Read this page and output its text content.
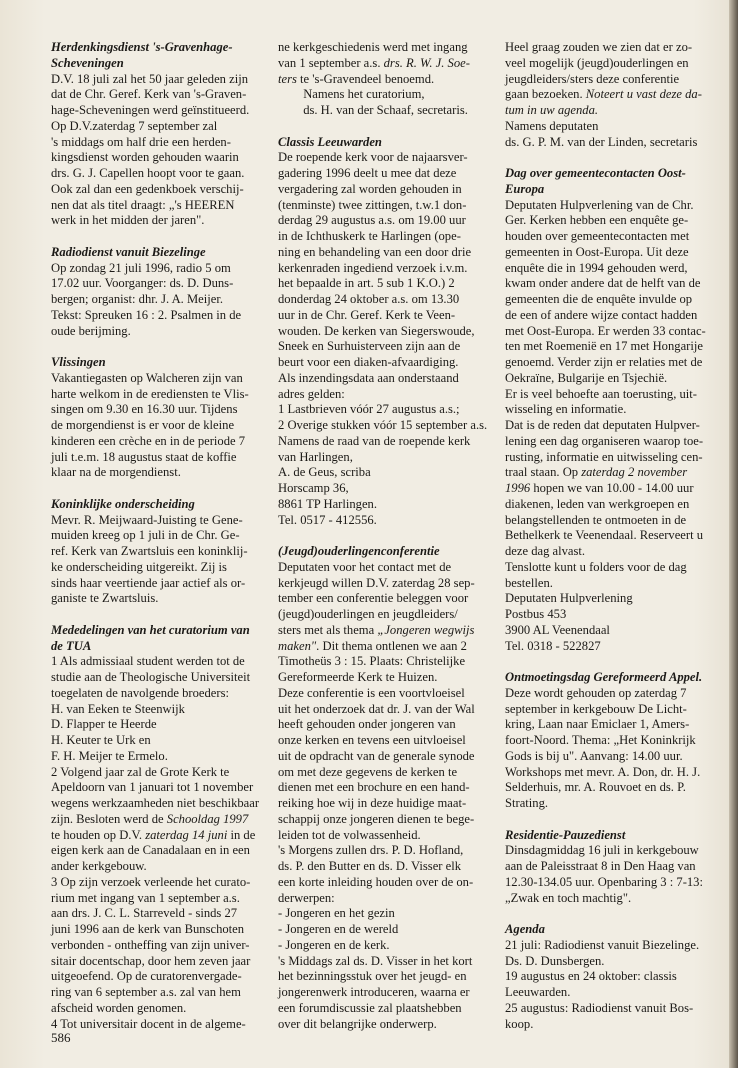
Herdenkingsdienst 's-Gravenhage-
Scheveningen
D.V. 18 juli zal het 50 jaar geleden zijn
dat de Chr. Geref. Kerk van 's-Graven-
hage-Scheveningen werd geïnstitueerd.
Op D.V.zaterdag 7 september zal
's middags om half drie een herden-
kingsdienst worden gehouden waarin
drs. G. J. Capellen hoopt voor te gaan.
Ook zal dan een gedenkboek verschij-
nen dat als titel draagt: „'s HEEREN
werk in het midden der jaren".
Radiodienst vanuit Biezelinge
Op zondag 21 juli 1996, radio 5 om
17.02 uur. Voorganger: ds. D. Duns-
bergen; organist: dhr. J. A. Meijer.
Tekst: Spreuken 16 : 2. Psalmen in de
oude berijming.
Vlissingen
Vakantiegasten op Walcheren zijn van
harte welkom in de erediensten te Vlis-
singen om 9.30 en 16.30 uur. Tijdens
de morgendienst is er voor de kleine
kinderen een crèche en in de periode 7
juli t.e.m. 18 augustus staat de koffie
klaar na de morgendienst.
Koninklijke onderscheiding
Mevr. R. Meijwaard-Juisting te Gene-
muiden kreeg op 1 juli in de Chr. Ge-
ref. Kerk van Zwartsluis een koninklij-
ke onderscheiding uitgereikt. Zij is
sinds haar veertiende jaar actief als or-
ganiste te Zwartsluis.
Mededelingen van het curatorium van
de TUA
1 Als admissiaal student werden tot de
studie aan de Theologische Universiteit
toegelaten de navolgende broeders:
H. van Eeken te Steenwijk
D. Flapper te Heerde
H. Keuter te Urk en
F. H. Meijer te Ermelo.
2 Volgend jaar zal de Grote Kerk te
Apeldoorn van 1 januari tot 1 november
wegens werkzaamheden niet beschikbaar
zijn. Besloten werd de Schooldag 1997
te houden op D.V. zaterdag 14 juni in de
eigen kerk aan de Canadalaan en in een
ander kerkgebouw.
3 Op zijn verzoek verleende het curato-
rium met ingang van 1 september a.s.
aan drs. J. C. L. Starreveld - sinds 27
juni 1996 aan de kerk van Bunschoten
verbonden - ontheffing van zijn univer-
sitair docentschap, door hem zeven jaar
uitgeoefend. Op de curatorenvergade-
ring van 6 september a.s. zal van hem
afscheid worden genomen.
4 Tot universitair docent in de algeme-
ne kerkgeschiedenis werd met ingang
van 1 september a.s. drs. R. W. J. Soe-
ters te 's-Gravendeel benoemd.
  Namens het curatorium,
  ds. H. van der Schaaf, secretaris.
Classis Leeuwarden
De roepende kerk voor de najaarsver-
gadering 1996 deelt u mee dat deze
vergadering zal worden gehouden in
(tenminste) twee zittingen, t.w.1 don-
derdag 29 augustus a.s. om 19.00 uur
in de Ichthuskerk te Harlingen (ope-
ning en behandeling van een door drie
kerkenraden ingediend verzoek i.v.m.
het bepaalde in art. 5 sub 1 K.O.) 2
donderdag 24 oktober a.s. om 13.30
uur in de Chr. Geref. Kerk te Veen-
wouden. De kerken van Siegerswoude,
Sneek en Surhuisterveen zijn aan de
beurt voor een diaken-afvaardiging.
Als inzendingsdata aan onderstaand
adres gelden:
1 Lastbrieven vóór 27 augustus a.s.;
2 Overige stukken vóór 15 september a.s.
Namens de raad van de roepende kerk
van Harlingen,
A. de Geus, scriba
Horscamp 36,
8861 TP Harlingen.
Tel. 0517 - 412556.
(Jeugd)ouderlingenconferentie
Deputaten voor het contact met de
kerkjeugd willen D.V. zaterdag 28 sep-
tember een conferentie beleggen voor
(jeugd)ouderlingen en jeugdleiders/
sters met als thema „Jongeren wegwijs
maken". Dit thema ontlenen we aan 2
Timotheüs 3 : 15. Plaats: Christelijke
Gereformeerde Kerk te Huizen.
Deze conferentie is een voortvloeisel
uit het onderzoek dat dr. J. van der Wal
heeft gehouden onder jongeren van
onze kerken en tevens een uitvloeisel
uit de opdracht van de generale synode
om met deze gegevens de kerken te
dienen met een brochure en een hand-
reiking hoe wij in deze huidige maat-
schappij onze jongeren dienen te bege-
leiden tot de volwassenheid.
's Morgens zullen drs. P. D. Hofland,
ds. P. den Butter en ds. D. Visser elk
een korte inleiding houden over de on-
derwerpen:
- Jongeren en het gezin
- Jongeren en de wereld
- Jongeren en de kerk.
's Middags zal ds. D. Visser in het kort
het bezinningsstuk over het jeugd- en
jongerenwerk introduceren, waarna er
een forumdiscussie zal plaatshebben
over dit belangrijke onderwerp.
Heel graag zouden we zien dat er zo-
veel mogelijk (jeugd)ouderlingen en
jeugdleiders/sters deze conferentie
gaan bezoeken. Noteert u vast deze da-
tum in uw agenda.
Namens deputaten
ds. G. P. M. van der Linden, secretaris
Dag over gemeentecontacten Oost-
Europa
Deputaten Hulpverlening van de Chr.
Ger. Kerken hebben een enquête ge-
houden over gemeentecontacten met
gemeenten in Oost-Europa. Uit deze
enquête die in 1994 gehouden werd,
kwam onder andere dat de helft van de
gemeenten die de enquête invulde op
de een of andere wijze contact hadden
met Oost-Europa. Er werden 33 contac-
ten met Roemenië en 17 met Hongarije
genoemd. Verder zijn er relaties met de
Oekraïne, Bulgarije en Tsjechië.
Er is veel behoefte aan toerusting, uit-
wisseling en informatie.
Dat is de reden dat deputaten Hulpver-
lening een dag organiseren waarop toe-
rusting, informatie en uitwisseling cen-
traal staan. Op zaterdag 2 november
1996 hopen we van 10.00 - 14.00 uur
diakenen, leden van werkgroepen en
belangstellenden te ontmoeten in de
Bethelkerk te Veenendaal. Reserveert u
deze dag alvast.
Tenslotte kunt u folders voor de dag
bestellen.
Deputaten Hulpverlening
Postbus 453
3900 AL Veenendaal
Tel. 0318 - 522827
Ontmoetingsdag Gereformeerd Appel.
Deze wordt gehouden op zaterdag 7
september in kerkgebouw De Licht-
kring, Laan naar Emiclaer 1, Amers-
foort-Noord. Thema: „Het Koninkrijk
Gods is bij u". Aanvang: 14.00 uur.
Workshops met mevr. A. Don, dr. H. J.
Selderhuis, mr. A. Rouvoet en ds. P.
Strating.
Residentie-Pauzedienst
Dinsdagmiddag 16 juli in kerkgebouw
aan de Paleisstraat 8 in Den Haag van
12.30-134.05 uur. Openbaring 3 : 7-13:
„Zwak en toch machtig".
Agenda
21 juli: Radiodienst vanuit Biezelinge.
Ds. D. Dunsbergen.
19 augustus en 24 oktober: classis
Leeuwarden.
25 augustus: Radiodienst vanuit Bos-
koop.
586
